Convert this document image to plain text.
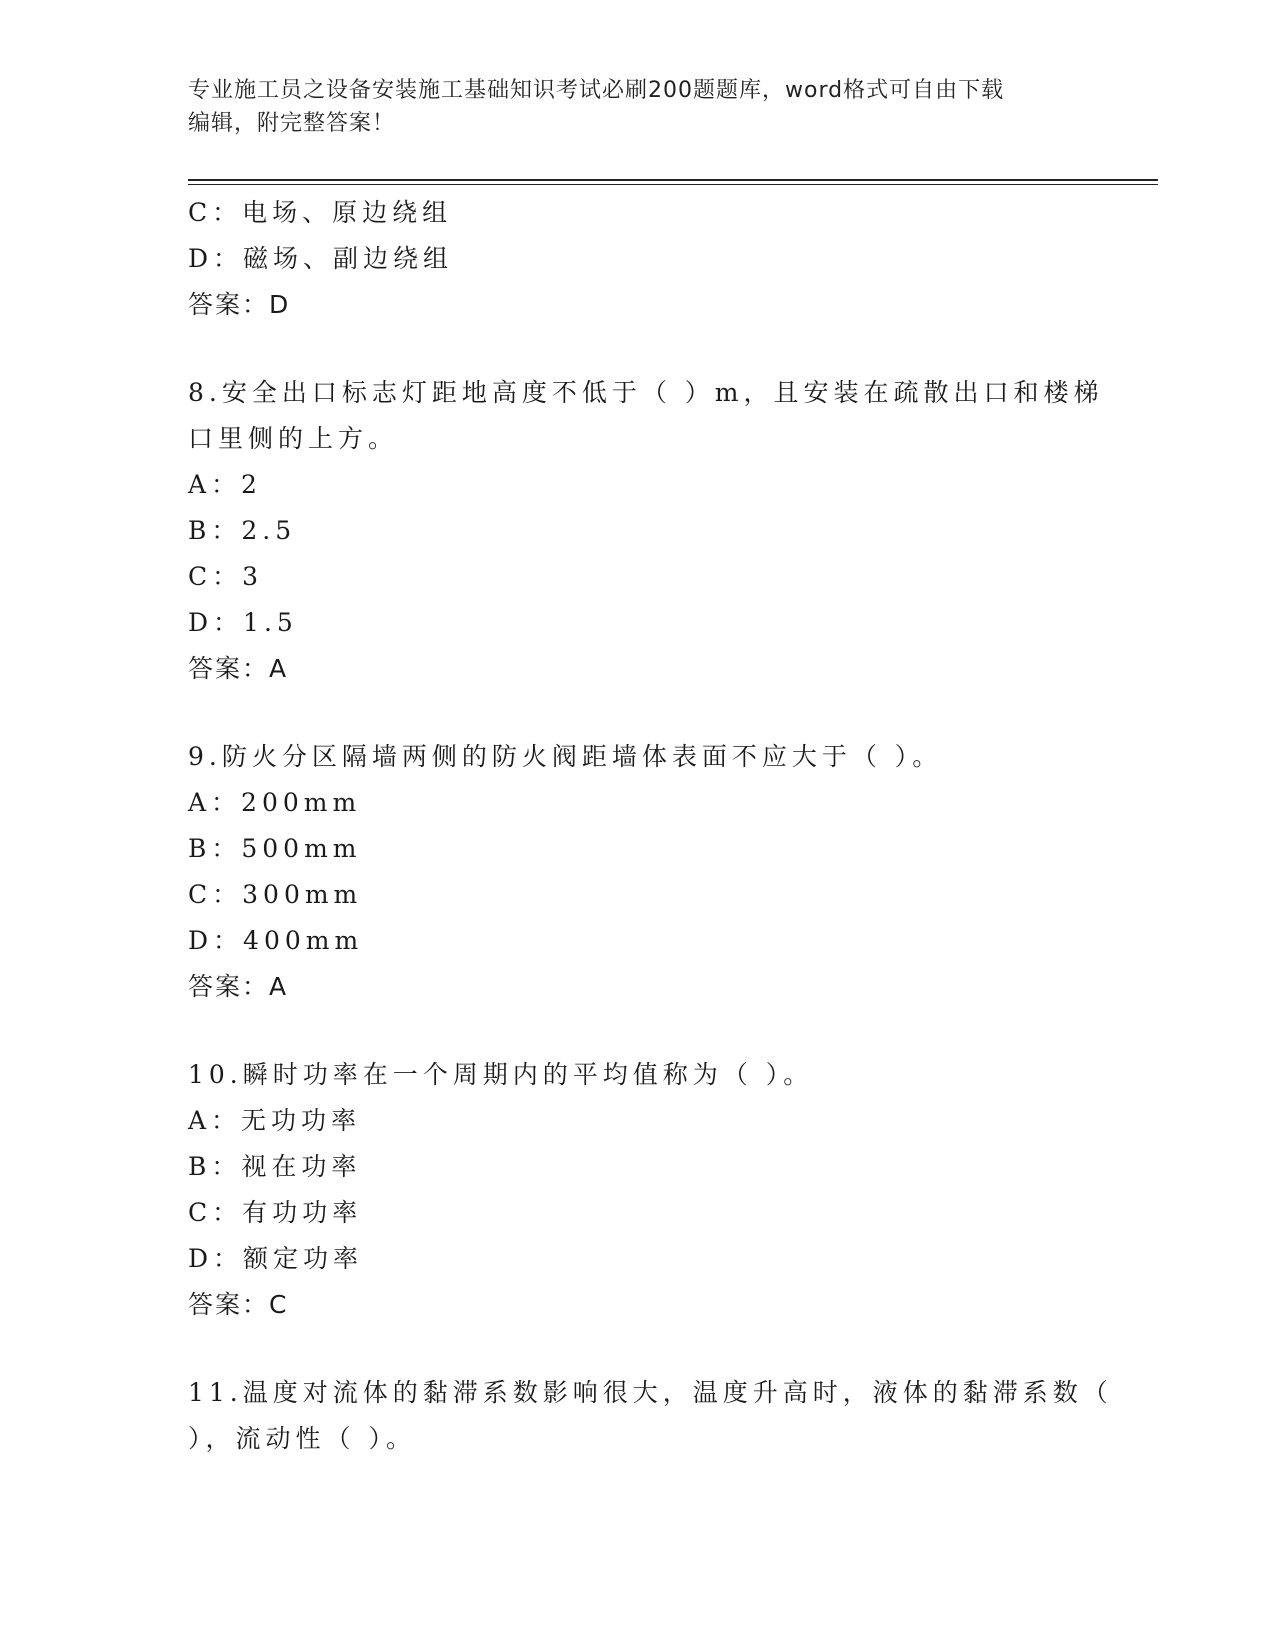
专业施工员之设备安装施工基础知识考试必刷200题题库，word格式可自由下载
编辑，附完整答案！
C：电场、原边绕组
D：磁场、副边绕组
答案：D
8.安全出口标志灯距地高度不低于（ ）m，且安装在疏散出口和楼梯
口里侧的上方。
A：2
B：2.5
C：3
D：1.5
答案：A
9.防火分区隔墙两侧的防火阀距墙体表面不应大于（ ）。
A：200mm
B：500mm
C：300mm
D：400mm
答案：A
10.瞬时功率在一个周期内的平均值称为（ ）。
A：无功功率
B：视在功率
C：有功功率
D：额定功率
答案：C
11.温度对流体的黏滞系数影响很大，温度升高时，液体的黏滞系数（
），流动性（ ）。
